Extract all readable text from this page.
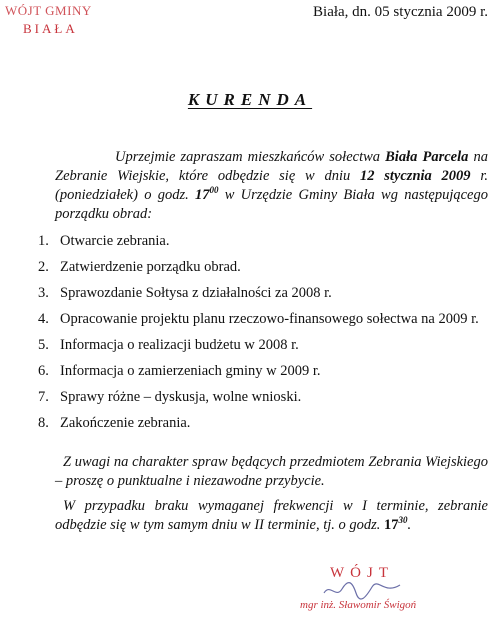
WÓJT GMINY
BIAŁA
Biała, dn. 05 stycznia 2009 r.
KURENDA
Uprzejmie zapraszam mieszkańców sołectwa Biała Parcela na Zebranie Wiejskie, które odbędzie się w dniu 12 stycznia 2009 r. (poniedziałek) o godz. $17^{00}$ w Urzędzie Gminy Biała wg następującego porządku obrad:
1. Otwarcie zebrania.
2. Zatwierdzenie porządku obrad.
3. Sprawozdanie Sołtysa z działalności za 2008 r.
4. Opracowanie projektu planu rzeczowo-finansowego sołectwa na 2009 r.
5. Informacja o realizacji budżetu w 2008 r.
6. Informacja o zamierzeniach gminy w 2009 r.
7. Sprawy różne – dyskusja, wolne wnioski.
8. Zakończenie zebrania.
Z uwagi na charakter spraw będących przedmiotem Zebrania Wiejskiego – proszę o punktualne i niezawodne przybycie.
W przypadku braku wymaganej frekwencji w I terminie, zebranie odbędzie się w tym samym dniu w II terminie, tj. o godz. $17^{30}$.
WÓJT
mgr inż. Sławomir Świgoń
